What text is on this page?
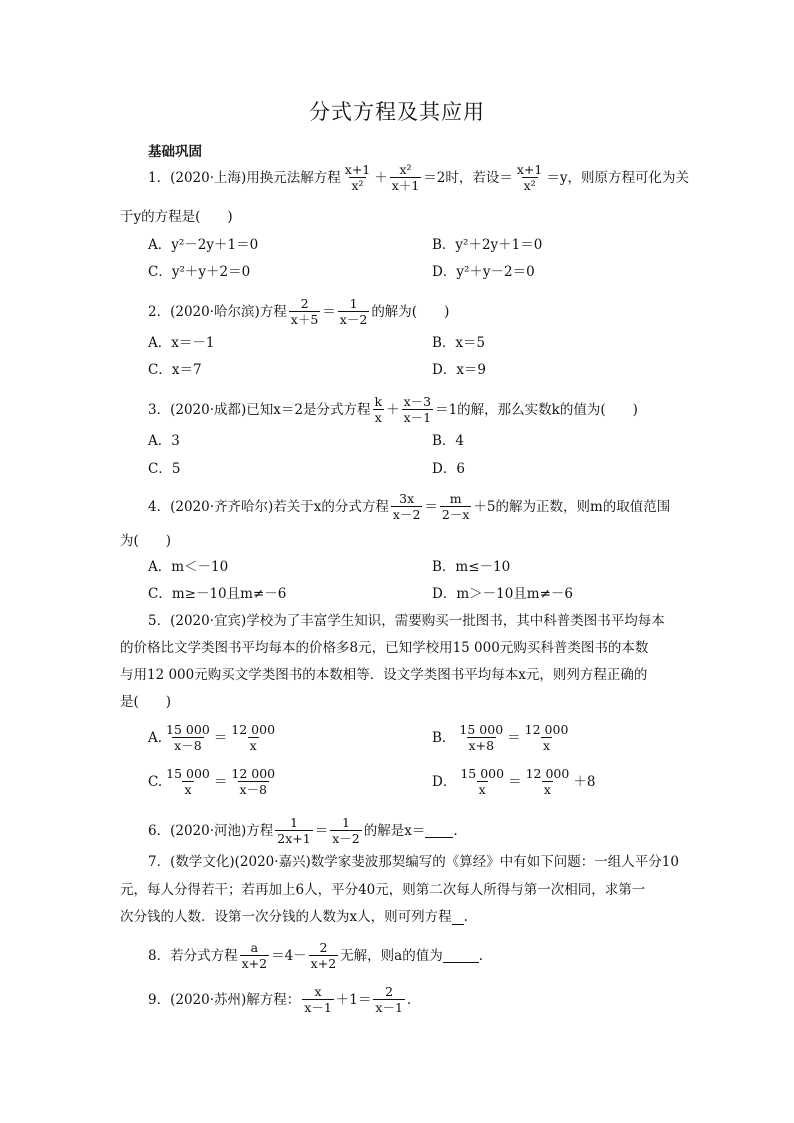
分式方程及其应用
基础巩固
1．(2020·上海)用换元法解方程 $\frac{x+1}{\text{x²}} + \frac{\text{x²}}{x+1} =2$时，若设＝ $\frac{x+1}{\text{x²}} =y$，则原方程可化为关
于y的方程是(　　)
A．y²－2y＋1＝0	B．y²＋2y＋1＝0
C．y²＋y＋2＝0	D．y²＋y－2＝0
2．(2020·哈尔滨)方程 $\frac{2}{x+5} = \frac{1}{x-2}$ 的解为(　　)
A．x＝－1	B．x＝5
C．x＝7	D．x＝9
3．(2020·成都)已知x＝2是分式方程 $\frac{k}{x} + \frac{x-3}{x-1} =1$的解，那么实数k的值为(　　)
A．3	B．4
C．5	D．6
4．(2020·齐齐哈尔)若关于x的分式方程 $\frac{3x}{x-2} = \frac{m}{2-x} +5$的解为正数，则m的取值范围
为(　　)
A．m＜－10	B．m≤－10
C．m≥－10且m≠－6	D．m＞－10且m≠－6
5．(2020·宜宾)学校为了丰富学生知识，需要购买一批图书，其中科普类图书平均每本
的价格比文学类图书平均每本的价格多8元，已知学校用15 000元购买科普类图书的本数
与用12 000元购买文学类图书的本数相等．设文学类图书平均每本x元，则列方程正确的
是(　　)
A. $\frac{15 000}{x-8} = \frac{12 000}{x}$	B． $\frac{15 000}{x+8} = \frac{12 000}{x}$
C. $\frac{15 000}{x} = \frac{12 000}{x-8}$	D． $\frac{15 000}{x} = \frac{12 000}{x} +8$
6．(2020·河池)方程 $\frac{1}{2x+1} = \frac{1}{x-2}$ 的解是x＝ .
7．(数学文化)(2020·嘉兴)数学家斐波那契编写的《算经》中有如下问题：一组人平分10
元，每人分得若干；若再加上6人，平分40元，则第二次每人所得与第一次相同，求第一
次分钱的人数．设第一次分钱的人数为x人，则可列方程 .
8．若分式方程 $\frac{a}{x+2} =4- \frac{2}{x+2}$ 无解，则a的值为	.
9．(2020·苏州)解方程： $\frac{x}{x-1} +1= \frac{2}{x-1}$ .
